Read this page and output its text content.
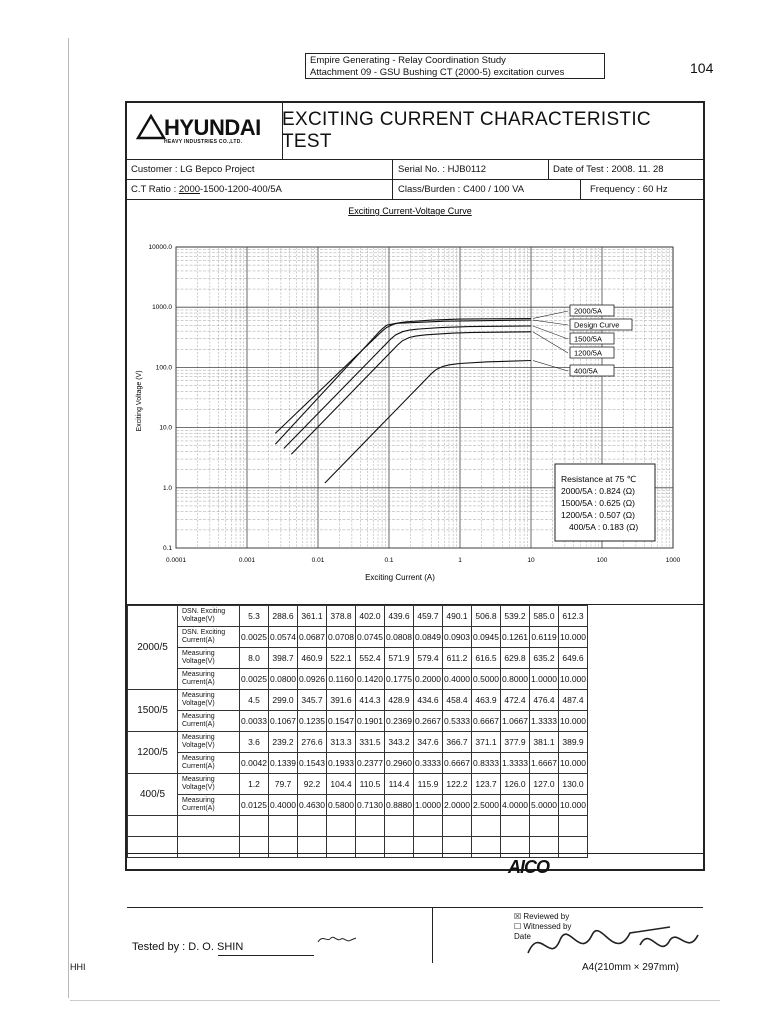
Empire Generating - Relay Coordination Study
Attachment 09 - GSU Bushing CT (2000-5) excitation curves	104
HYUNDAI
HEAVY INDUSTRIES CO.,LTD.
EXCITING CURRENT CHARACTERISTIC TEST
Customer : LG Bepco Project	Serial No. : HJB0112	Date of Test : 2008. 11. 28
C.T Ratio : 2000-1500-1200-400/5A	Class/Burden : C400 / 100 VA	Frequency : 60 Hz
Exciting Current-Voltage Curve
0.0001	0.001	0.01	0.1	1	10	100	1000
10000.0
1000.0
100.0
10.0
1.0
0.1
Exciting Voltage (V)
Exciting Current (A)
2000/5A
Design Curve
1500/5A
1200/5A
400/5A
Resistance at 75 ℃
2000/5A : 0.824 (Ω)
1500/5A : 0.625 (Ω)
1200/5A : 0.507 (Ω)
400/5A : 0.183 (Ω)
2000/5	DSN. Exciting Voltage(V)	5.3	288.6	361.1	378.8	402.0	439.6	459.7	490.1	506.8	539.2	585.0	612.3
	DSN. Exciting Current(A)	0.0025	0.0574	0.0687	0.0708	0.0745	0.0808	0.0849	0.0903	0.0945	0.1261	0.6119	10.000
	Measuring Voltage(V)	8.0	398.7	460.9	522.1	552.4	571.9	579.4	611.2	616.5	629.8	635.2	649.6
	Measuring Current(A)	0.0025	0.0800	0.0926	0.1160	0.1420	0.1775	0.2000	0.4000	0.5000	0.8000	1.0000	10.000
1500/5	Measuring Voltage(V)	4.5	299.0	345.7	391.6	414.3	428.9	434.6	458.4	463.9	472.4	476.4	487.4
	Measuring Current(A)	0.0033	0.1067	0.1235	0.1547	0.1901	0.2369	0.2667	0.5333	0.6667	1.0667	1.3333	10.000
1200/5	Measuring Voltage(V)	3.6	239.2	276.6	313.3	331.5	343.2	347.6	366.7	371.1	377.9	381.1	389.9
	Measuring Current(A)	0.0042	0.1339	0.1543	0.1933	0.2377	0.2960	0.3333	0.6667	0.8333	1.3333	1.6667	10.000
400/5	Measuring Voltage(V)	1.2	79.7	92.2	104.4	110.5	114.4	115.9	122.2	123.7	126.0	127.0	130.0
	Measuring Current(A)	0.0125	0.4000	0.4630	0.5800	0.7130	0.8880	1.0000	2.0000	2.5000	4.0000	5.0000	10.000

AICO
Tested by : D. O. SHIN
☒ Reviewed by
☐ Witnessed by
Date
HHI	A4(210mm × 297mm)
